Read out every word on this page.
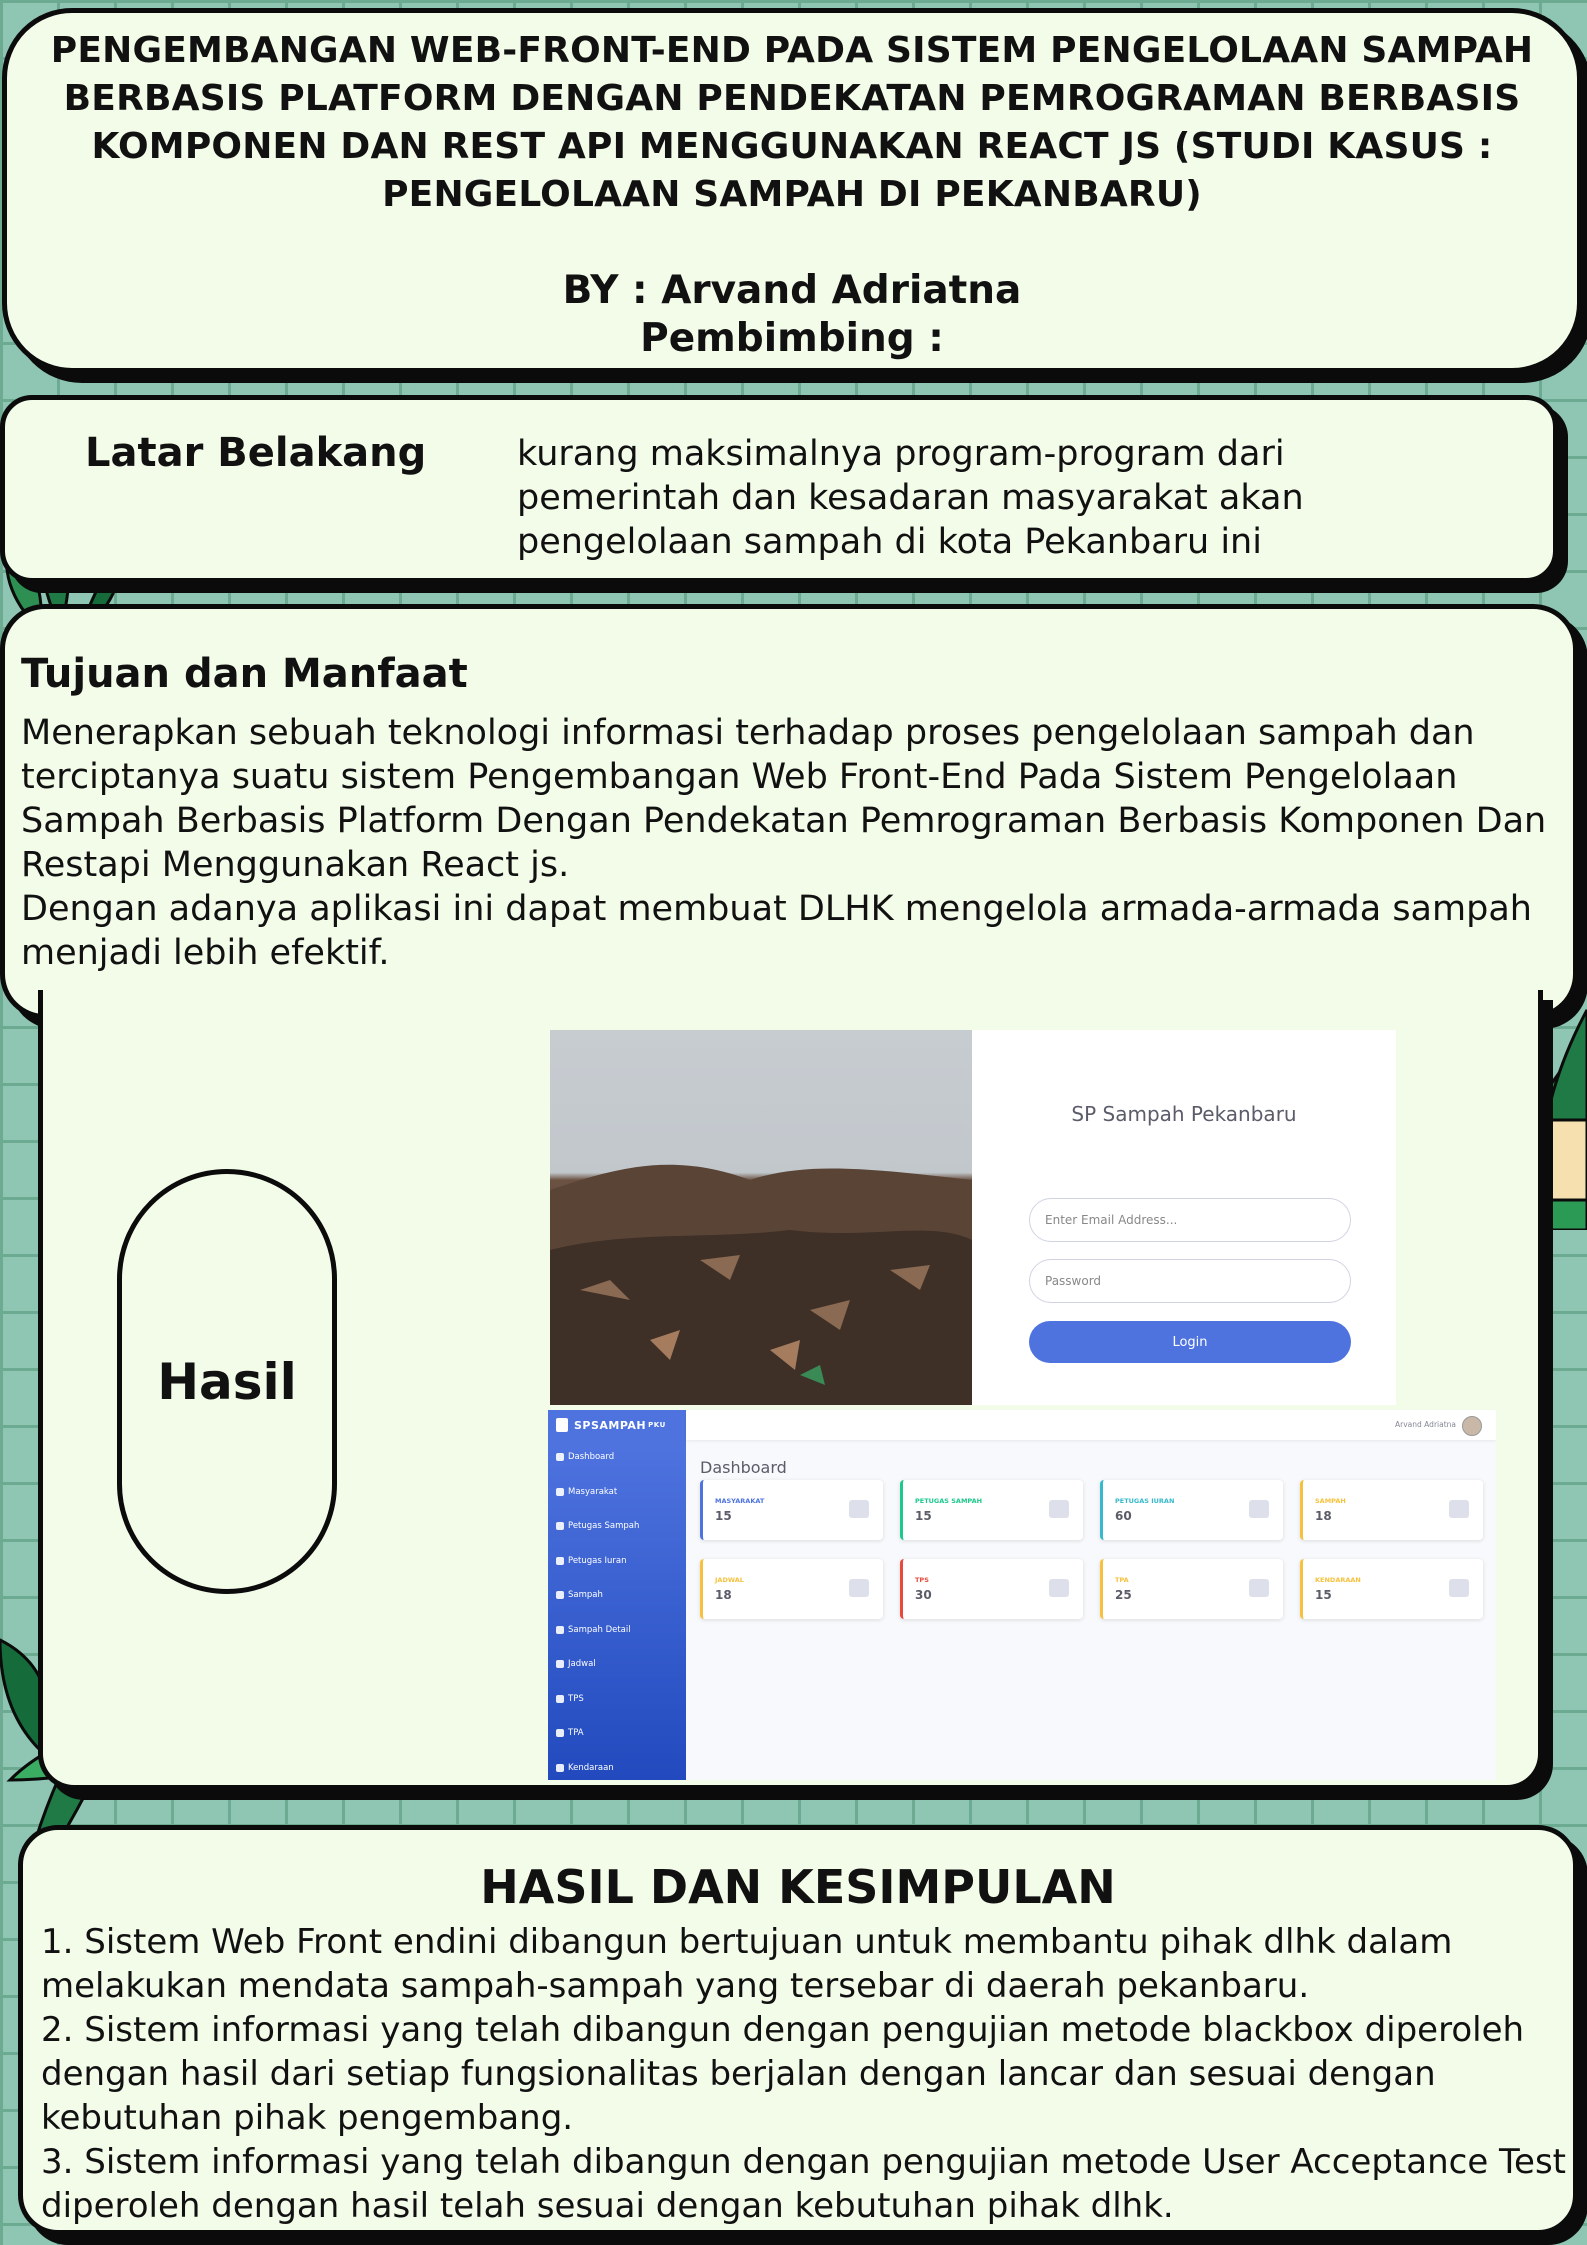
PENGEMBANGAN WEB-FRONT-END PADA SISTEM PENGELOLAAN SAMPAH BERBASIS PLATFORM DENGAN PENDEKATAN PEMROGRAMAN BERBASIS KOMPONEN DAN REST API MENGGUNAKAN REACT JS (STUDI KASUS : PENGELOLAAN SAMPAH DI PEKANBARU)
BY : Arvand Adriatna
Pembimbing :
Latar Belakang	kurang maksimalnya program-program dari pemerintah dan kesadaran masyarakat akan pengelolaan sampah di kota Pekanbaru ini
Tujuan dan Manfaat
Menerapkan sebuah teknologi informasi terhadap proses pengelolaan sampah dan terciptanya suatu sistem Pengembangan Web Front-End Pada Sistem Pengelolaan Sampah Berbasis Platform Dengan Pendekatan Pemrograman Berbasis Komponen Dan Restapi Menggunakan React js.
Dengan adanya aplikasi ini dapat membuat DLHK mengelola armada-armada sampah menjadi lebih efektif.
Hasil
SP Sampah Pekanbaru
Enter Email Address...
Password
Login
SPSAMPAH PKU
Dashboard
Masyarakat
Petugas Sampah
Petugas Iuran
Sampah
Sampah Detail
Jadwal
TPS
TPA
Kendaraan
Arvand Adriatna
Dashboard
MASYARAKAT
15
PETUGAS SAMPAH
15
PETUGAS IURAN
60
SAMPAH
18
JADWAL
18
TPS
30
TPA
25
KENDARAAN
15
HASIL DAN KESIMPULAN

1. Sistem Web Front endini dibangun bertujuan untuk membantu pihak dlhk dalam melakukan mendata sampah-sampah yang tersebar di daerah pekanbaru.

2. Sistem informasi yang telah dibangun dengan pengujian metode blackbox diperoleh dengan hasil dari setiap fungsionalitas berjalan dengan lancar dan sesuai dengan kebutuhan pihak pengembang.

3. Sistem informasi yang telah dibangun dengan pengujian metode User Acceptance Test diperoleh dengan hasil telah sesuai dengan kebutuhan pihak dlhk.
